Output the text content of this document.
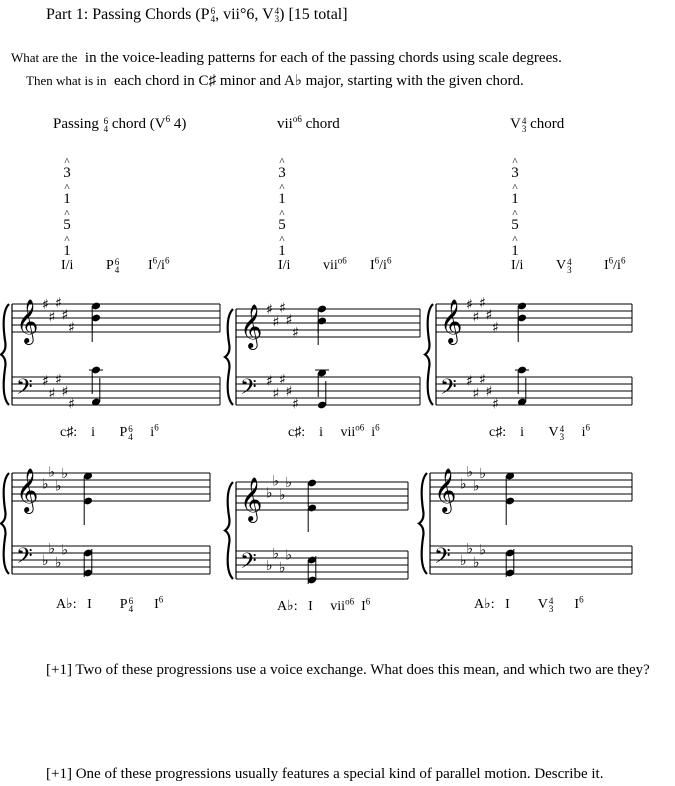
Part 1: Passing Chords (P 6
4 , vii°6, V 4
3 ) [15 total]
What are the in the voice-leading patterns for each of the passing chords using scale degrees.
Then what is in each chord in C♯ minor and A♭ major, starting with the given chord.
Passing 6
4 chord ($V^6$ 4)	vii$^{o6}$ chord	V 4
3 chord
^
3
^
1
^
5
^
1
^
3
^
1
^
5
^
1
^
3
^
1
^
5
^
1
I/i P 6
4 $I^6/i^6$	I/i vii$^{o6}$ $I^6/i^6$	I/i V 4
3 $I^6/i^6$
𝄞
𝄢
♯
♯
♯
♯
♯
♯
♯
♯
♯
♯
𝄞
𝄢
♯
♯
♯
♯
♯
♯
♯
♯
♯
♯
𝄞
𝄢
♯
♯
♯
♯
♯
♯
♯
♯
♯
♯
𝄞
𝄢
♭
♭
♭
♭
♭
♭
♭
♭
𝄞
𝄢
♭
♭
♭
♭
♭
♭
♭
♭
𝄞
𝄢
♭
♭
♭
♭
♭
♭
♭
♭
c♯: i P 6
4 $i^6$	c♯: i vii$^{o6}$ $i^6$	c♯: i V 4
3 $i^6$
A♭: I P 6
4 $I^6$	A♭: I vii$^{o6}$ $I^6$	A♭: I V 4
3 $I^6$
[+1] Two of these progressions use a voice exchange. What does this mean, and which two are they?
[+1] One of these progressions usually features a special kind of parallel motion. Describe it.
